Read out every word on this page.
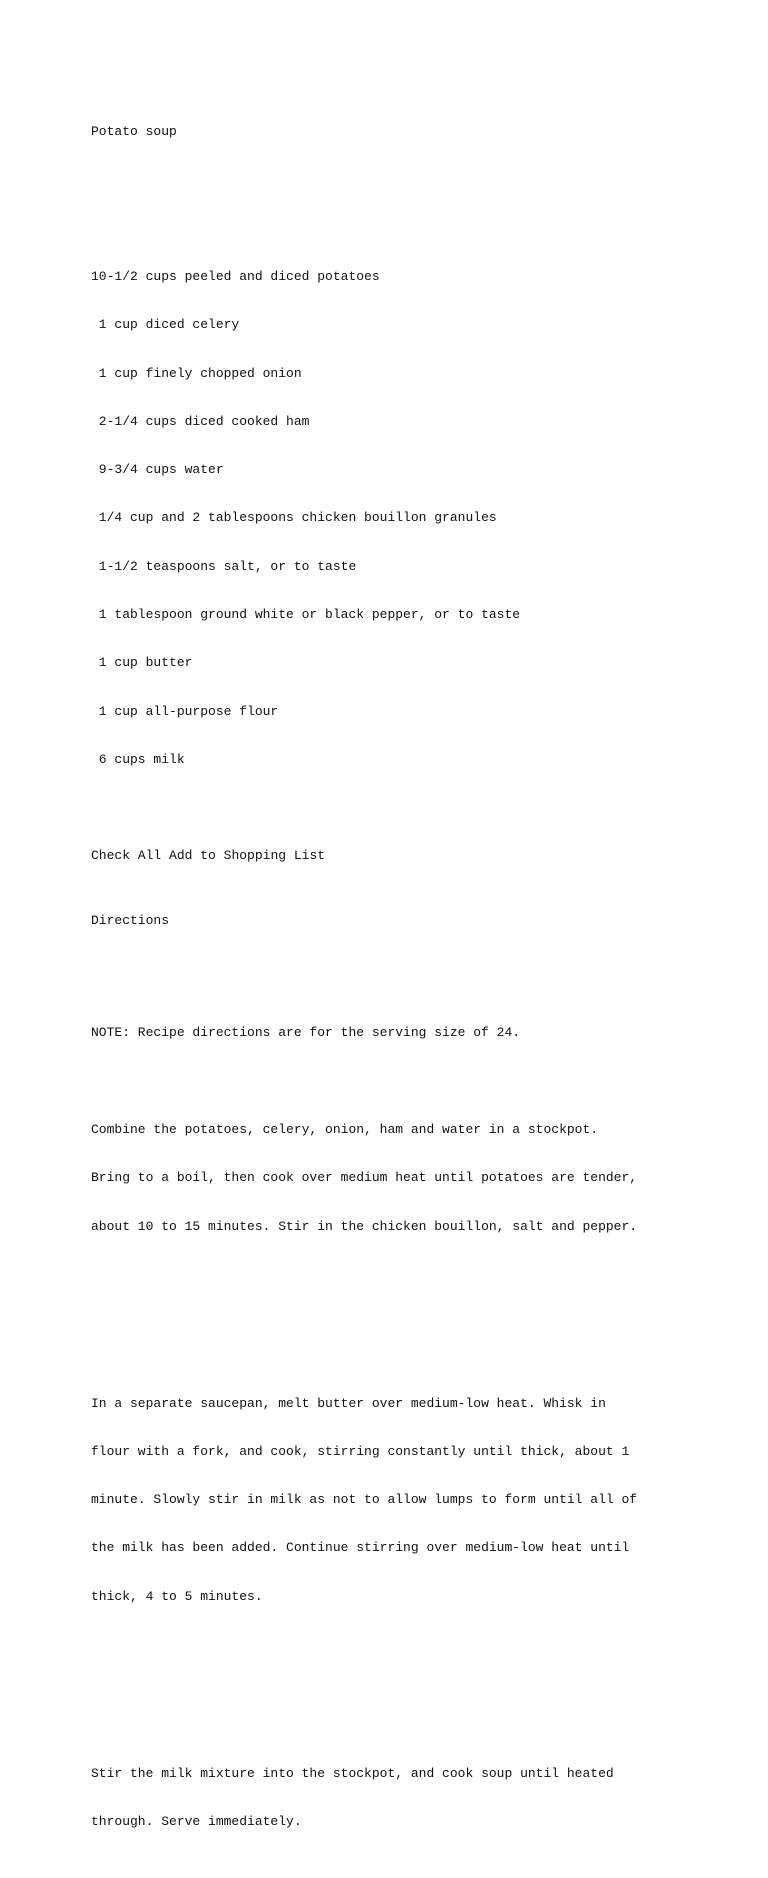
Potato soup

10-1/2 cups peeled and diced potatoes

1 cup diced celery

1 cup finely chopped onion

2-1/4 cups diced cooked ham

9-3/4 cups water

1/4 cup and 2 tablespoons chicken bouillon granules

1-1/2 teaspoons salt, or to taste

1 tablespoon ground white or black pepper, or to taste

1 cup butter

1 cup all-purpose flour

6 cups milk

Check All Add to Shopping List

Directions

NOTE: Recipe directions are for the serving size of 24.

Combine the potatoes, celery, onion, ham and water in a stockpot.

Bring to a boil, then cook over medium heat until potatoes are tender,

about 10 to 15 minutes. Stir in the chicken bouillon, salt and pepper.

In a separate saucepan, melt butter over medium-low heat. Whisk in

flour with a fork, and cook, stirring constantly until thick, about 1

minute. Slowly stir in milk as not to allow lumps to form until all of

the milk has been added. Continue stirring over medium-low heat until

thick, 4 to 5 minutes.

Stir the milk mixture into the stockpot, and cook soup until heated

through. Serve immediately.
